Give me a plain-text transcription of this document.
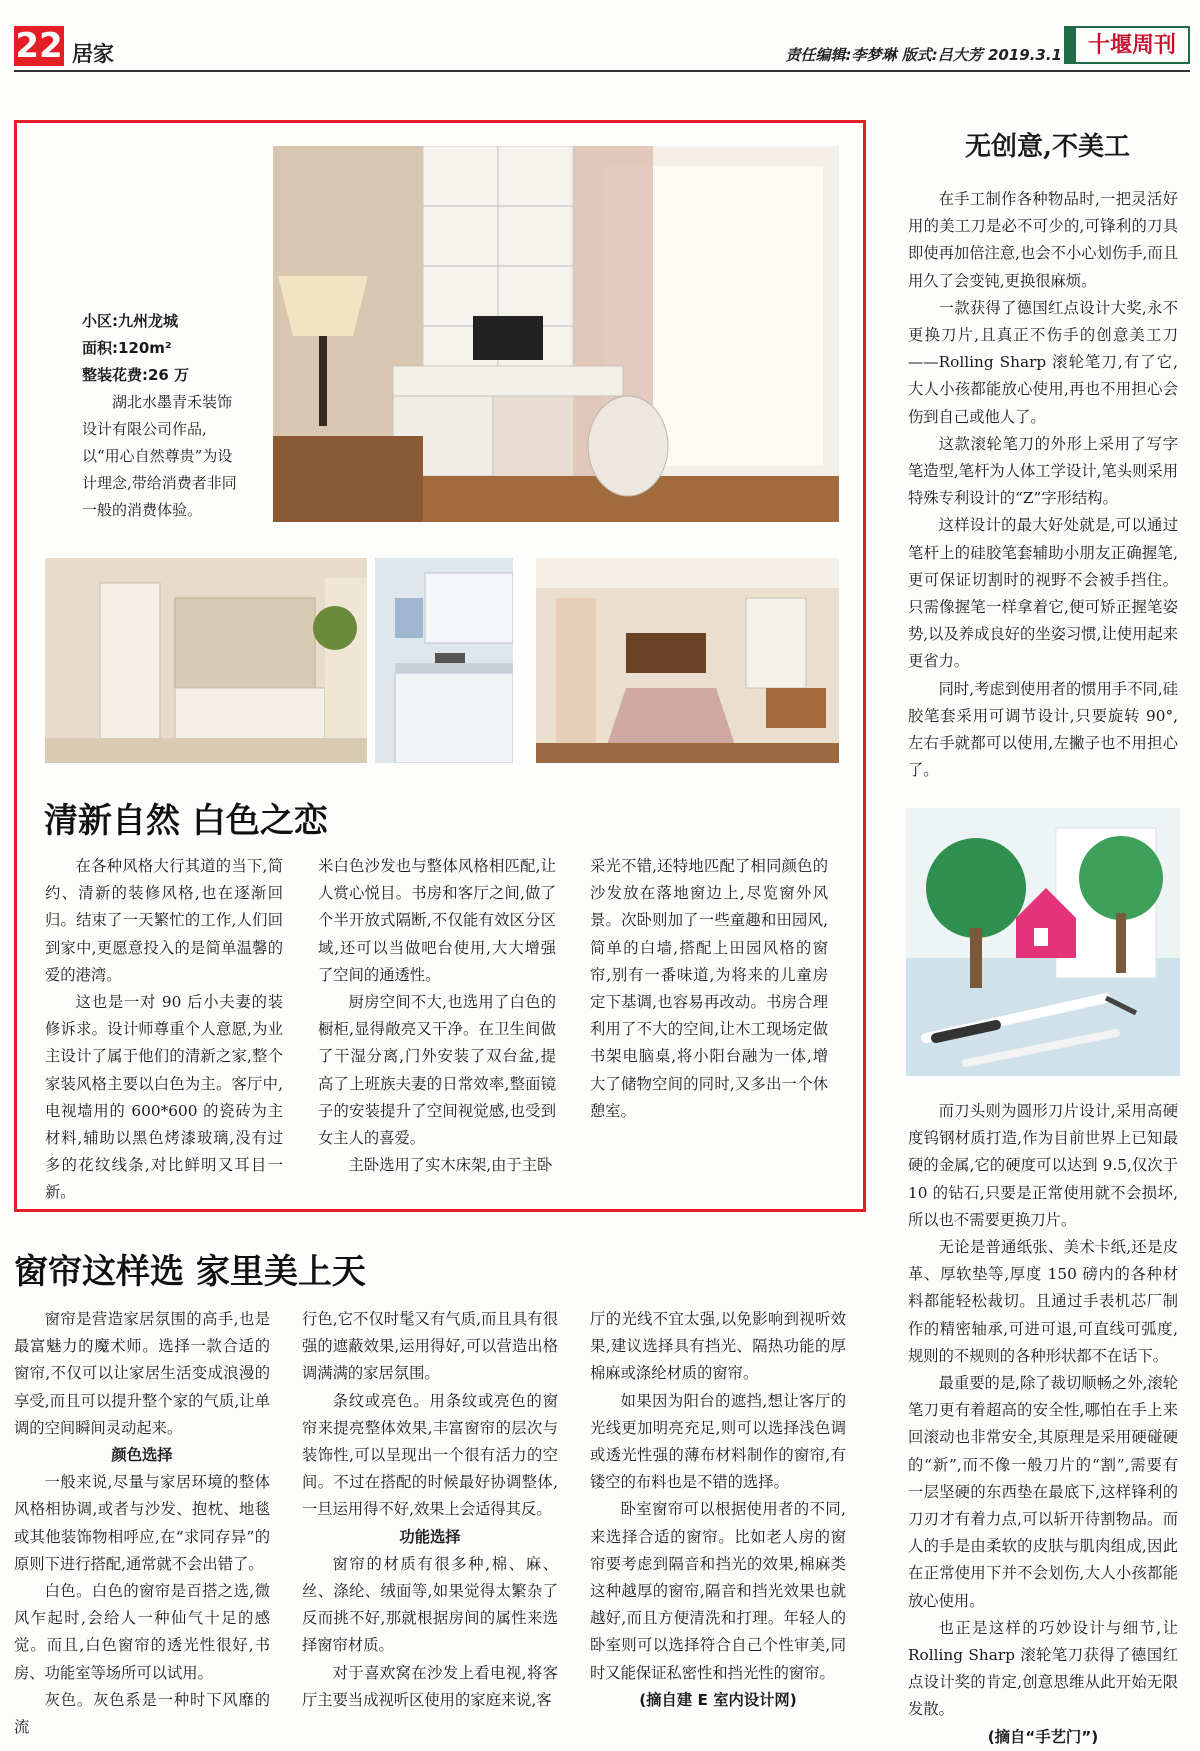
22 居家	责任编辑:李梦琳 版式:吕大芳 2019.3.1	十堰周刊

小区:九州龙城

面积:120m²

整装花费:26 万

湖北水墨青禾装饰设计有限公司作品,以“用心自然尊贵”为设计理念,带给消费者非同一般的消费体验。

清新自然 白色之恋

在各种风格大行其道的当下,简约、清新的装修风格,也在逐渐回归。结束了一天繁忙的工作,人们回到家中,更愿意投入的是简单温馨的爱的港湾。

这也是一对 90 后小夫妻的装修诉求。设计师尊重个人意愿,为业主设计了属于他们的清新之家,整个家装风格主要以白色为主。客厅中,电视墙用的 600*600 的瓷砖为主材料,辅助以黑色烤漆玻璃,没有过多的花纹线条,对比鲜明又耳目一新。

米白色沙发也与整体风格相匹配,让人赏心悦目。书房和客厅之间,做了个半开放式隔断,不仅能有效区分区域,还可以当做吧台使用,大大增强了空间的通透性。

厨房空间不大,也选用了白色的橱柜,显得敞亮又干净。在卫生间做了干湿分离,门外安装了双台盆,提高了上班族夫妻的日常效率,整面镜子的安装提升了空间视觉感,也受到女主人的喜爱。

主卧选用了实木床架,由于主卧

采光不错,还特地匹配了相同颜色的沙发放在落地窗边上,尽览窗外风景。次卧则加了一些童趣和田园风,简单的白墙,搭配上田园风格的窗帘,别有一番味道,为将来的儿童房定下基调,也容易再改动。书房合理利用了不大的空间,让木工现场定做书架电脑桌,将小阳台融为一体,增大了储物空间的同时,又多出一个休憩室。

窗帘这样选 家里美上天

窗帘是营造家居氛围的高手,也是最富魅力的魔术师。选择一款合适的窗帘,不仅可以让家居生活变成浪漫的享受,而且可以提升整个家的气质,让单调的空间瞬间灵动起来。

颜色选择

一般来说,尽量与家居环境的整体风格相协调,或者与沙发、抱枕、地毯或其他装饰物相呼应,在“求同存异”的原则下进行搭配,通常就不会出错了。

白色。白色的窗帘是百搭之选,微风乍起时,会给人一种仙气十足的感觉。而且,白色窗帘的透光性很好,书房、功能室等场所可以试用。

灰色。灰色系是一种时下风靡的流

行色,它不仅时髦又有气质,而且具有很强的遮蔽效果,运用得好,可以营造出格调满满的家居氛围。

条纹或亮色。用条纹或亮色的窗帘来提亮整体效果,丰富窗帘的层次与装饰性,可以呈现出一个很有活力的空间。不过在搭配的时候最好协调整体,一旦运用得不好,效果上会适得其反。

功能选择

窗帘的材质有很多种,棉、麻、丝、涤纶、绒面等,如果觉得太繁杂了反而挑不好,那就根据房间的属性来选择窗帘材质。

对于喜欢窝在沙发上看电视,将客厅主要当成视听区使用的家庭来说,客

厅的光线不宜太强,以免影响到视听效果,建议选择具有挡光、隔热功能的厚棉麻或涤纶材质的窗帘。

如果因为阳台的遮挡,想让客厅的光线更加明亮充足,则可以选择浅色调或透光性强的薄布材料制作的窗帘,有镂空的布料也是不错的选择。

卧室窗帘可以根据使用者的不同,来选择合适的窗帘。比如老人房的窗帘要考虑到隔音和挡光的效果,棉麻类这种越厚的窗帘,隔音和挡光效果也就越好,而且方便清洗和打理。年轻人的卧室则可以选择符合自己个性审美,同时又能保证私密性和挡光性的窗帘。

(摘自建 E 室内设计网)

无创意,不美工

在手工制作各种物品时,一把灵活好用的美工刀是必不可少的,可锋利的刀具即使再加倍注意,也会不小心划伤手,而且用久了会变钝,更换很麻烦。

一款获得了德国红点设计大奖,永不更换刀片,且真正不伤手的创意美工刀——Rolling Sharp 滚轮笔刀,有了它,大人小孩都能放心使用,再也不用担心会伤到自己或他人了。

这款滚轮笔刀的外形上采用了写字笔造型,笔杆为人体工学设计,笔头则采用特殊专利设计的“Z”字形结构。

这样设计的最大好处就是,可以通过笔杆上的硅胶笔套辅助小朋友正确握笔,更可保证切割时的视野不会被手挡住。只需像握笔一样拿着它,便可矫正握笔姿势,以及养成良好的坐姿习惯,让使用起来更省力。

同时,考虑到使用者的惯用手不同,硅胶笔套采用可调节设计,只要旋转 90°,左右手就都可以使用,左撇子也不用担心了。

而刀头则为圆形刀片设计,采用高硬度钨钢材质打造,作为目前世界上已知最硬的金属,它的硬度可以达到 9.5,仅次于 10 的钻石,只要是正常使用就不会损坏,所以也不需要更换刀片。

无论是普通纸张、美术卡纸,还是皮革、厚软垫等,厚度 150 磅内的各种材料都能轻松裁切。且通过手表机芯厂制作的精密轴承,可进可退,可直线可弧度,规则的不规则的各种形状都不在话下。

最重要的是,除了裁切顺畅之外,滚轮笔刀更有着超高的安全性,哪怕在手上来回滚动也非常安全,其原理是采用硬碰硬的“新”,而不像一般刀片的“割”,需要有一层坚硬的东西垫在最底下,这样锋利的刀刃才有着力点,可以斩开待割物品。而人的手是由柔软的皮肤与肌肉组成,因此在正常使用下并不会划伤,大人小孩都能放心使用。

也正是这样的巧妙设计与细节,让 Rolling Sharp 滚轮笔刀获得了德国红点设计奖的肯定,创意思维从此开始无限发散。

(摘自“手艺门”)
